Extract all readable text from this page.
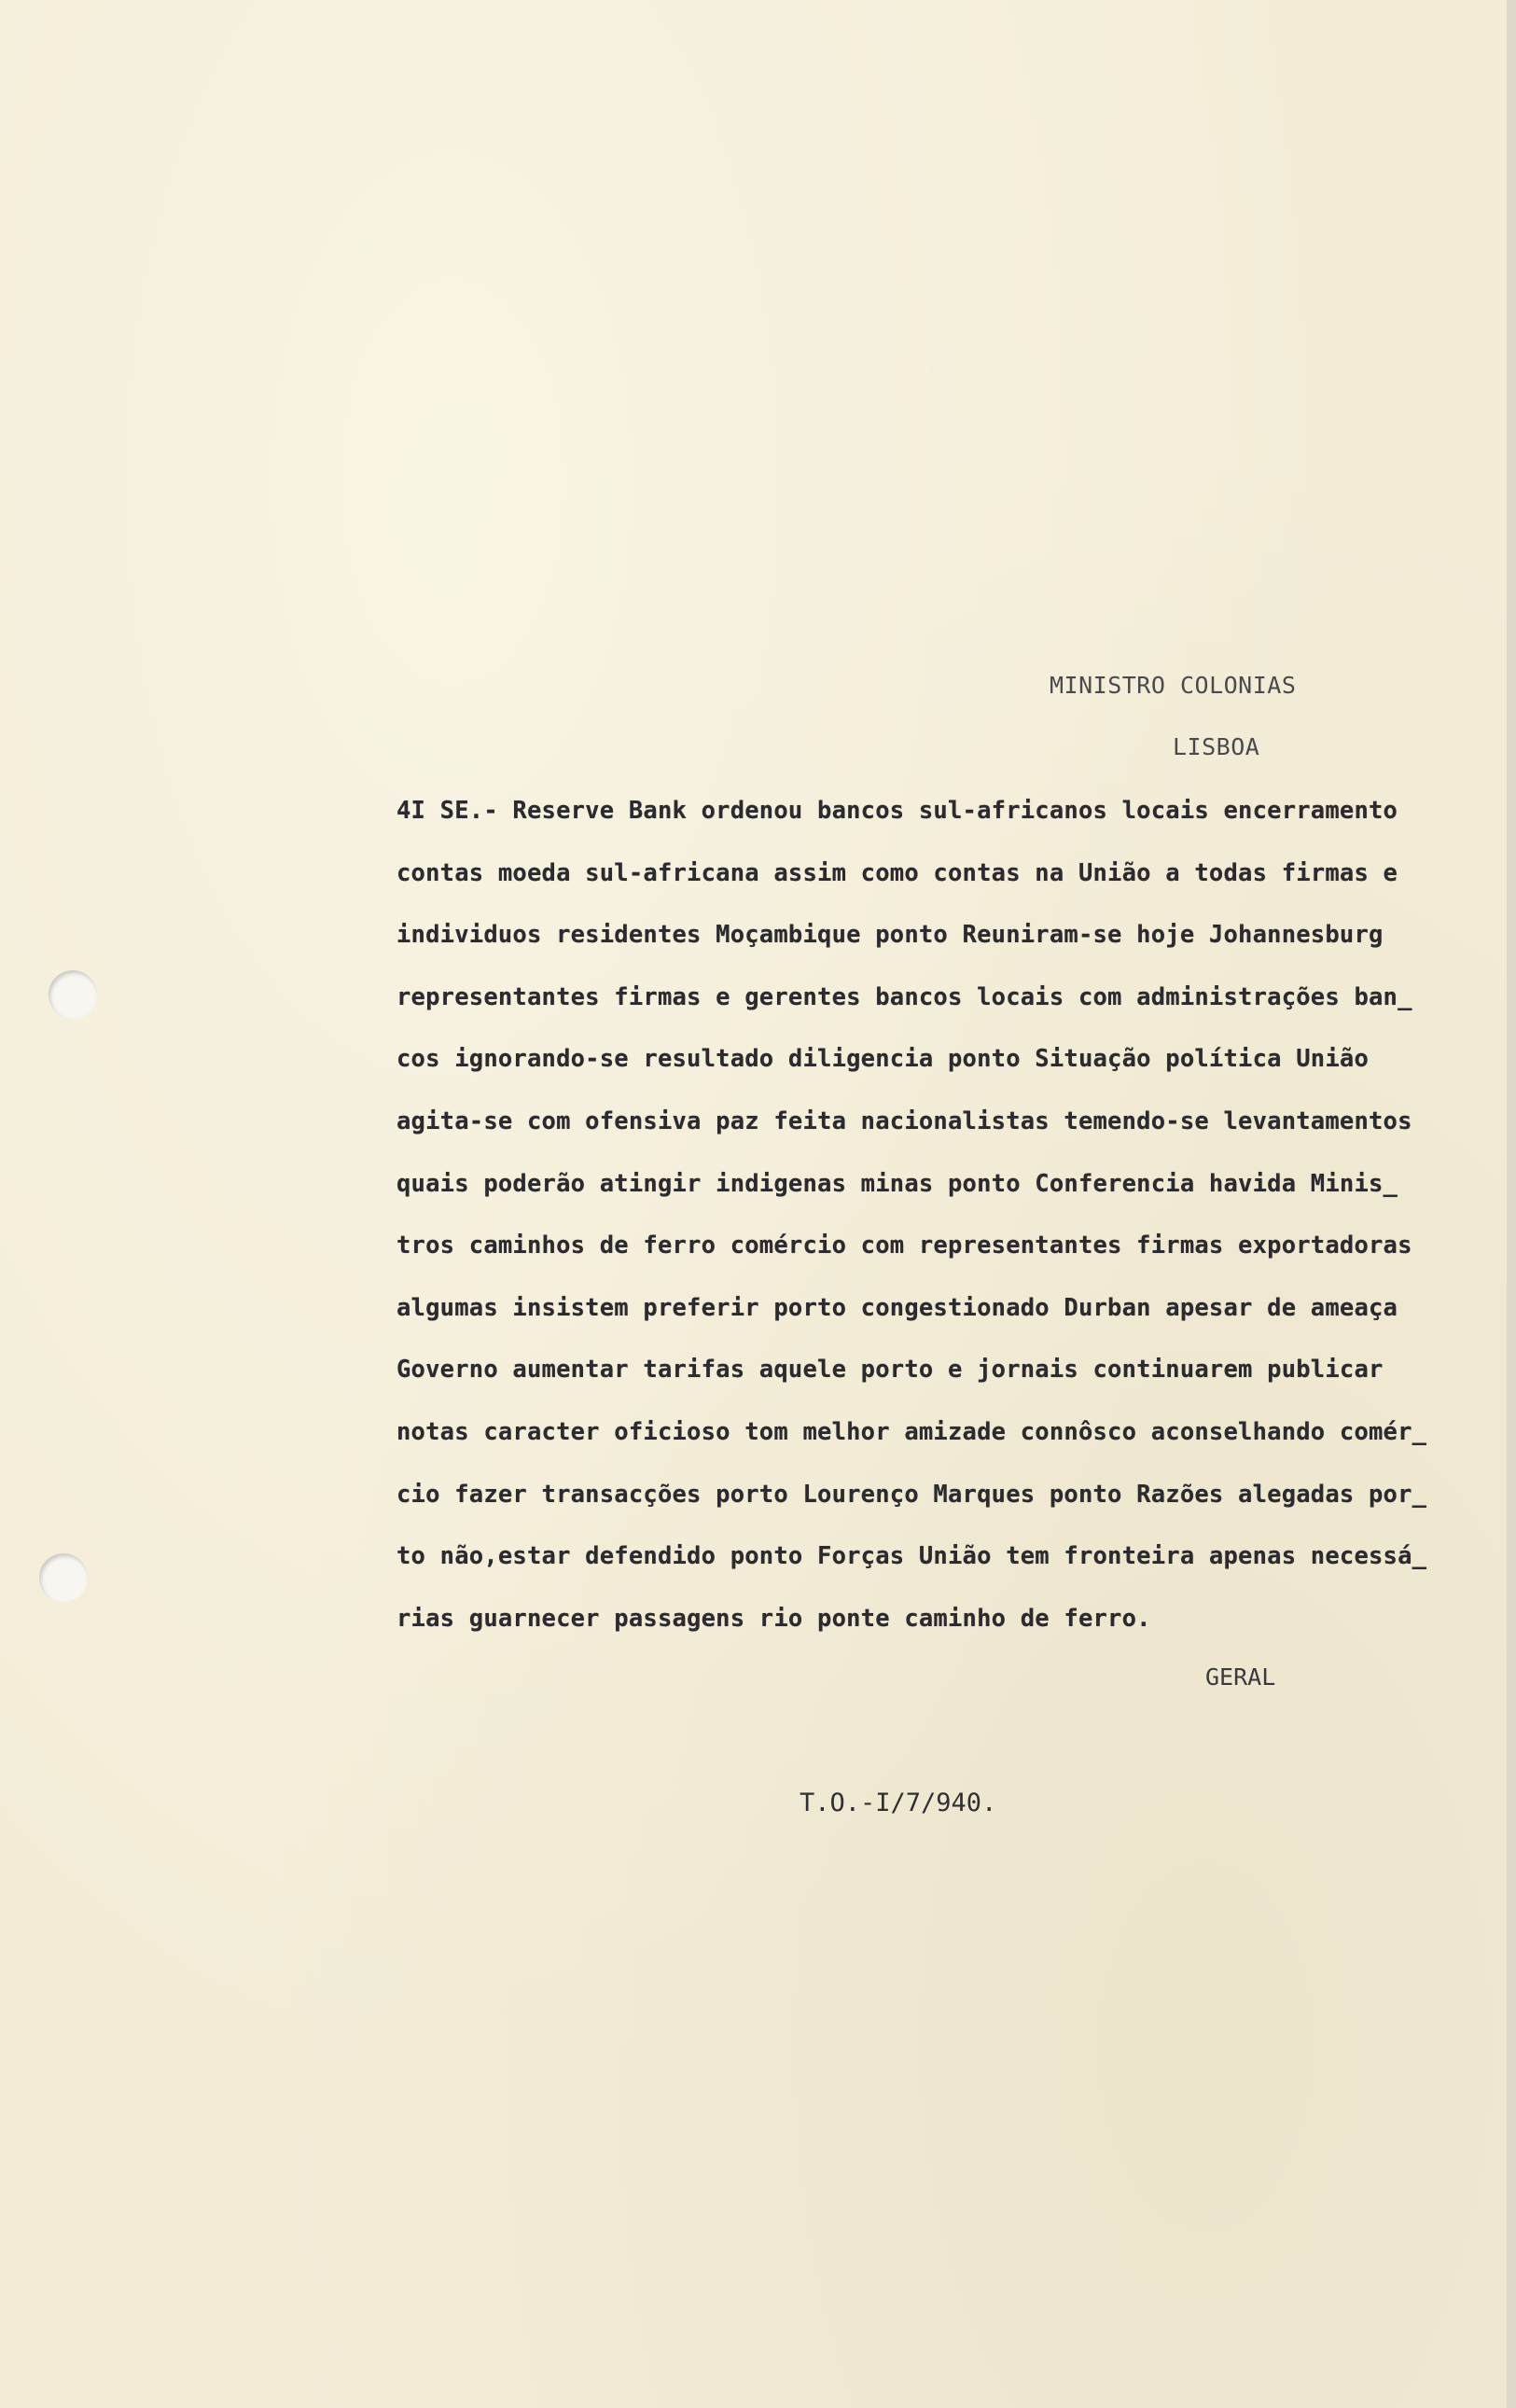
MINISTRO COLONIAS

LISBOA

4I SE.- Reserve Bank ordenou bancos sul-africanos locais encerramento
contas moeda sul-africana assim como contas na União a todas firmas e
individuos residentes Moçambique ponto Reuniram-se hoje Johannesburg
representantes firmas e gerentes bancos locais com administrações ban_
cos ignorando-se resultado diligencia ponto Situação política União
agita-se com ofensiva paz feita nacionalistas temendo-se levantamentos
quais poderão atingir indigenas minas ponto Conferencia havida Minis_
tros caminhos de ferro comércio com representantes firmas exportadoras
algumas insistem preferir porto congestionado Durban apesar de ameaça
Governo aumentar tarifas aquele porto e jornais continuarem publicar
notas caracter oficioso tom melhor amizade connôsco aconselhando comér_
cio fazer transacções porto Lourenço Marques ponto Razões alegadas por_
to não,estar defendido ponto Forças União tem fronteira apenas necessá_
rias guarnecer passagens rio ponte caminho de ferro.

GERAL

T.O.-I/7/940.
